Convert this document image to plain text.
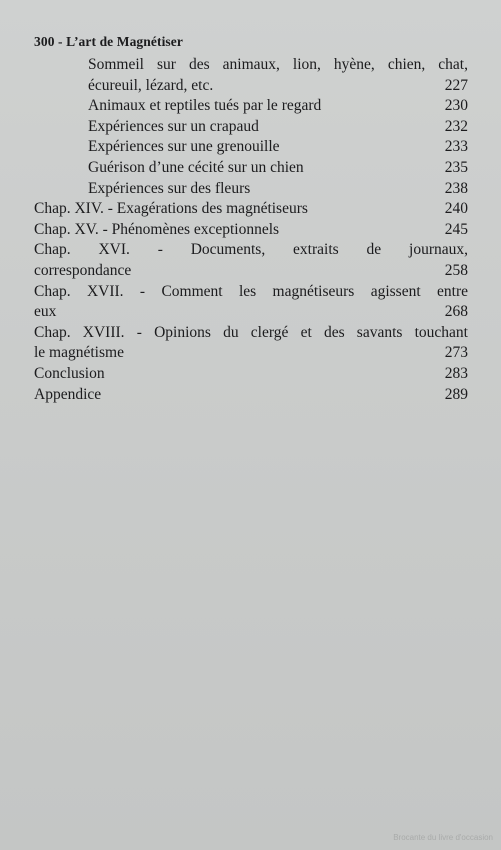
300 - L’art de Magnétiser
Sommeil sur des animaux, lion, hyène, chien, chat,
écureuil, lézard, etc.	227
Animaux et reptiles tués par le regard	230
Expériences sur un crapaud	232
Expériences sur une grenouille	233
Guérison d’une cécité sur un chien	235
Expériences sur des fleurs	238
Chap. XIV. - Exagérations des magnétiseurs	240
Chap. XV. - Phénomènes exceptionnels	245
Chap. XVI. - Documents, extraits de journaux,
correspondance	258
Chap. XVII. - Comment les magnétiseurs agissent entre
eux	268
Chap. XVIII. - Opinions du clergé et des savants touchant
le magnétisme	273
Conclusion	283
Appendice	289
Brocante du livre d'occasion
